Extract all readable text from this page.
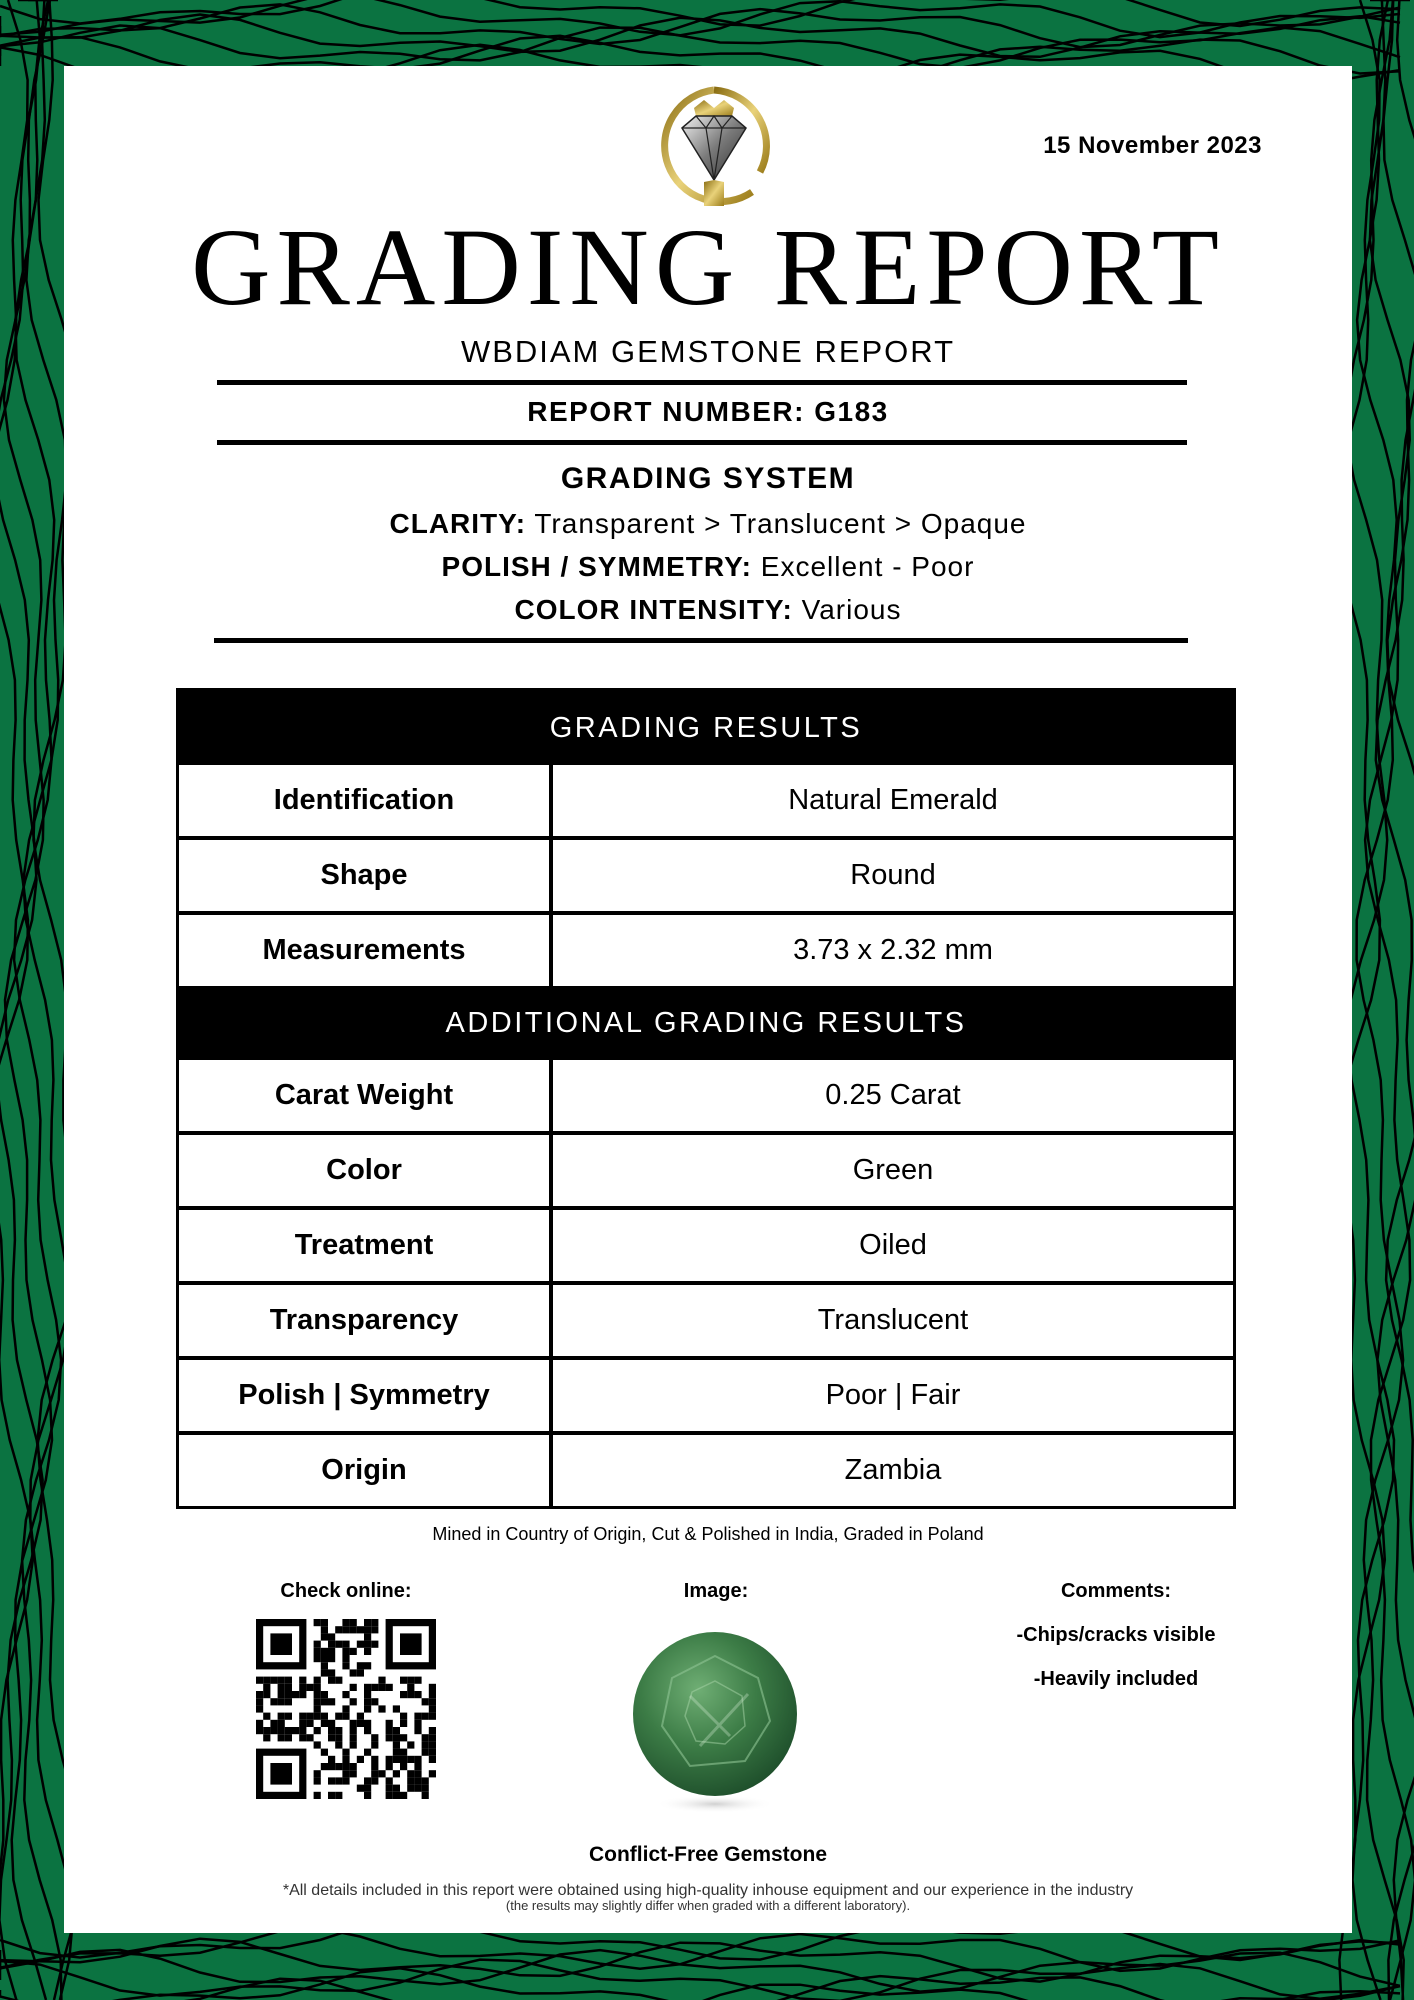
15 November 2023
GRADING REPORT
WBDIAM GEMSTONE REPORT
REPORT NUMBER: G183
GRADING SYSTEM
CLARITY: Transparent > Translucent > Opaque
POLISH / SYMMETRY: Excellent - Poor
COLOR INTENSITY: Various
GRADING RESULTS
Identification	Natural Emerald
Shape	Round
Measurements	3.73 x 2.32 mm
ADDITIONAL GRADING RESULTS
Carat Weight	0.25 Carat
Color	Green
Treatment	Oiled
Transparency	Translucent
Polish | Symmetry	Poor | Fair
Origin	Zambia
Mined in Country of Origin, Cut & Polished in India, Graded in Poland
Check online:	Image:	Comments:
-Chips/cracks visible
-Heavily included
Conflict-Free Gemstone
*All details included in this report were obtained using high-quality inhouse equipment and our experience in the industry
(the results may slightly differ when graded with a different laboratory).
